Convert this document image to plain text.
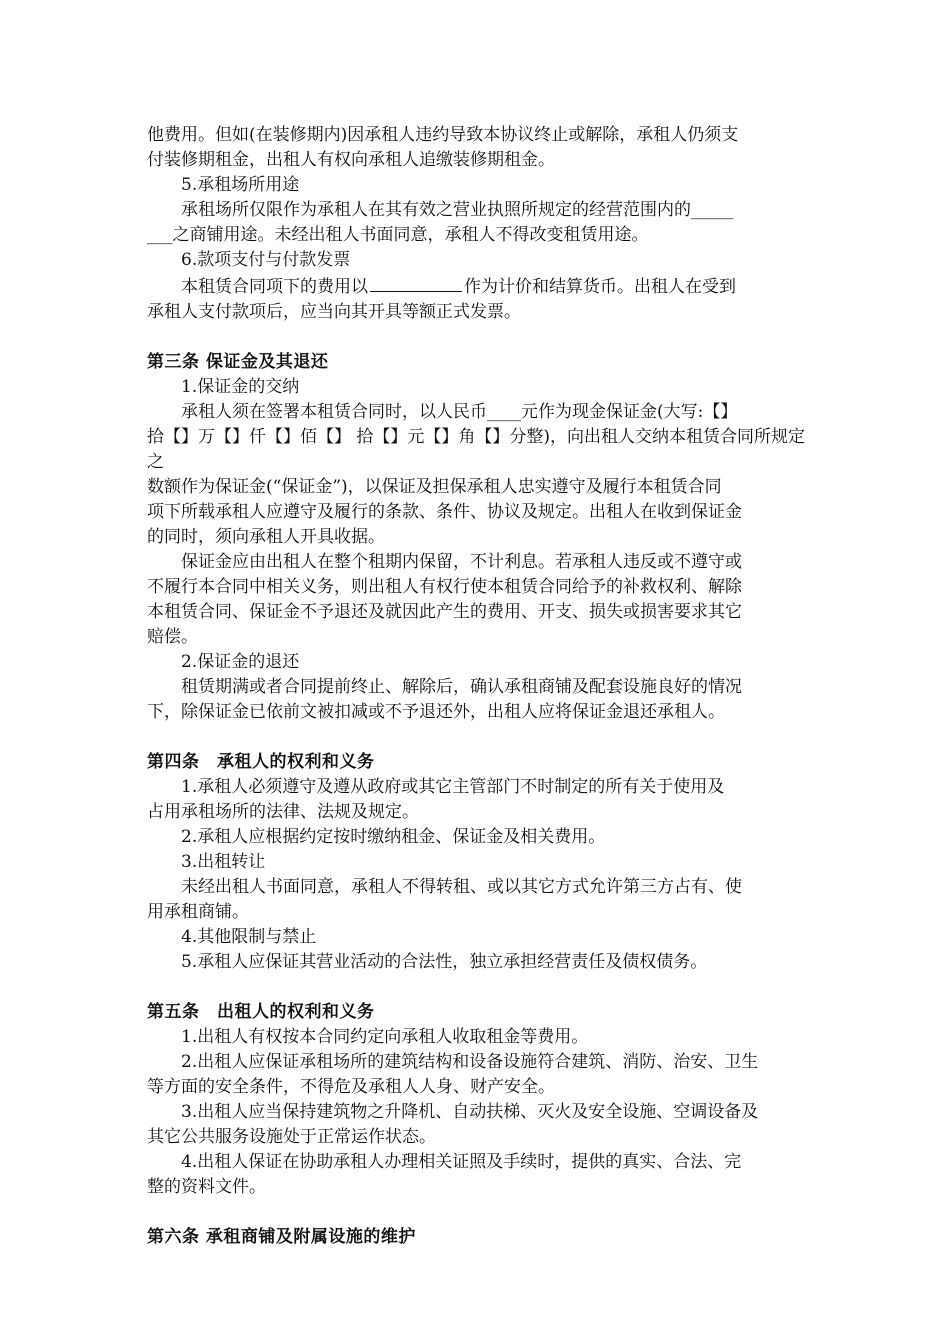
他费用。但如(在装修期内)因承租人违约导致本协议终止或解除，承租人仍须支

付装修期租金，出租人有权向承租人追缴装修期租金。

5.承租场所用途

承租场所仅限作为承租人在其有效之营业执照所规定的经营范围内的_____

___之商铺用途。未经出租人书面同意，承租人不得改变租赁用途。

6.款项支付与付款发票

本租赁合同项下的费用以	作为计价和结算货币。出租人在受到

承租人支付款项后，应当向其开具等额正式发票。

第三条 保证金及其退还

1.保证金的交纳

承租人须在签署本租赁合同时，以人民币____元作为现金保证金(大写:【】

拾【】万【】仟【】佰【】 拾【】元【】角【】分整)，向出租人交纳本租赁合同所规定之

数额作为保证金(“保证金”)，以保证及担保承租人忠实遵守及履行本租赁合同

项下所载承租人应遵守及履行的条款、条件、协议及规定。出租人在收到保证金

的同时，须向承租人开具收据。

保证金应由出租人在整个租期内保留，不计利息。若承租人违反或不遵守或

不履行本合同中相关义务，则出租人有权行使本租赁合同给予的补救权利、解除

本租赁合同、保证金不予退还及就因此产生的费用、开支、损失或损害要求其它

赔偿。

2.保证金的退还

租赁期满或者合同提前终止、解除后，确认承租商铺及配套设施良好的情况

下，除保证金已依前文被扣减或不予退还外，出租人应将保证金退还承租人。

第四条　承租人的权利和义务

1.承租人必须遵守及遵从政府或其它主管部门不时制定的所有关于使用及

占用承租场所的法律、法规及规定。

2.承租人应根据约定按时缴纳租金、保证金及相关费用。

3.出租转让

未经出租人书面同意，承租人不得转租、或以其它方式允许第三方占有、使

用承租商铺。

4.其他限制与禁止

5.承租人应保证其营业活动的合法性，独立承担经营责任及债权债务。

第五条　出租人的权利和义务

1.出租人有权按本合同约定向承租人收取租金等费用。

2.出租人应保证承租场所的建筑结构和设备设施符合建筑、消防、治安、卫生

等方面的安全条件，不得危及承租人人身、财产安全。

3.出租人应当保持建筑物之升降机、自动扶梯、灭火及安全设施、空调设备及

其它公共服务设施处于正常运作状态。

4.出租人保证在协助承租人办理相关证照及手续时，提供的真实、合法、完

整的资料文件。

第六条 承租商铺及附属设施的维护
